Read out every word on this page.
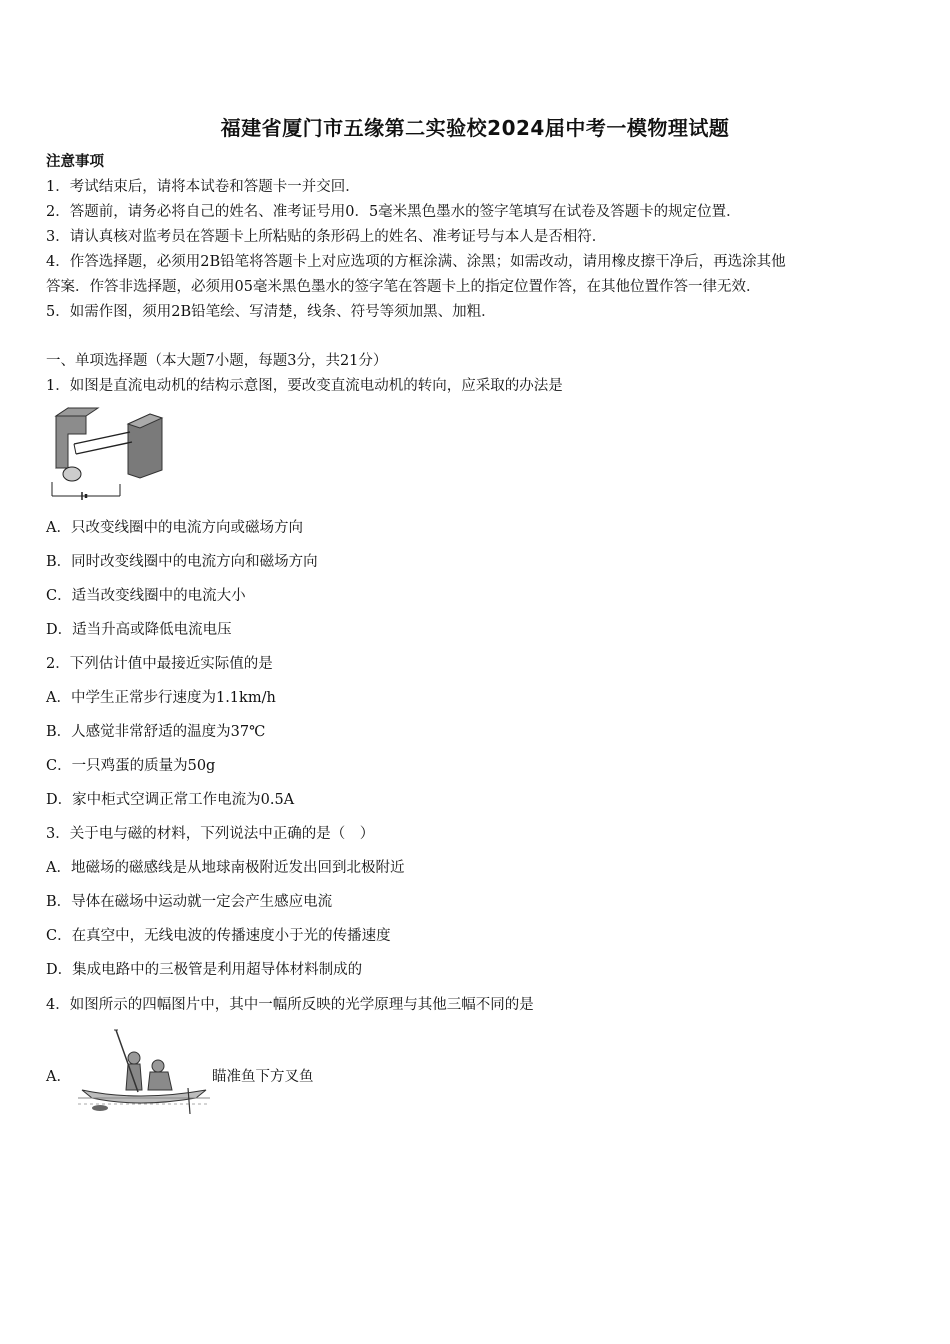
福建省厦门市五缘第二实验校2024届中考一模物理试题
注意事项
1．考试结束后，请将本试卷和答题卡一并交回．
2．答题前，请务必将自己的姓名、准考证号用0．5毫米黑色墨水的签字笔填写在试卷及答题卡的规定位置．
3．请认真核对监考员在答题卡上所粘贴的条形码上的姓名、准考证号与本人是否相符．
4．作答选择题，必须用2B铅笔将答题卡上对应选项的方框涂满、涂黑；如需改动，请用橡皮擦干净后，再选涂其他
答案．作答非选择题，必须用05毫米黑色墨水的签字笔在答题卡上的指定位置作答，在其他位置作答一律无效．
5．如需作图，须用2B铅笔绘、写清楚，线条、符号等须加黑、加粗．
一、单项选择题（本大题7小题，每题3分，共21分）
1．如图是直流电动机的结构示意图，要改变直流电动机的转向，应采取的办法是
A．只改变线圈中的电流方向或磁场方向
B．同时改变线圈中的电流方向和磁场方向
C．适当改变线圈中的电流大小
D．适当升高或降低电流电压
2．下列估计值中最接近实际值的是
A．中学生正常步行速度为1.1km/h
B．人感觉非常舒适的温度为37℃
C．一只鸡蛋的质量为50g
D．家中柜式空调正常工作电流为0.5A
3．关于电与磁的材料，下列说法中正确的是（　）
A．地磁场的磁感线是从地球南极附近发出回到北极附近
B．导体在磁场中运动就一定会产生感应电流
C．在真空中，无线电波的传播速度小于光的传播速度
D．集成电路中的三极管是利用超导体材料制成的
4．如图所示的四幅图片中，其中一幅所反映的光学原理与其他三幅不同的是
A．	瞄准鱼下方叉鱼
